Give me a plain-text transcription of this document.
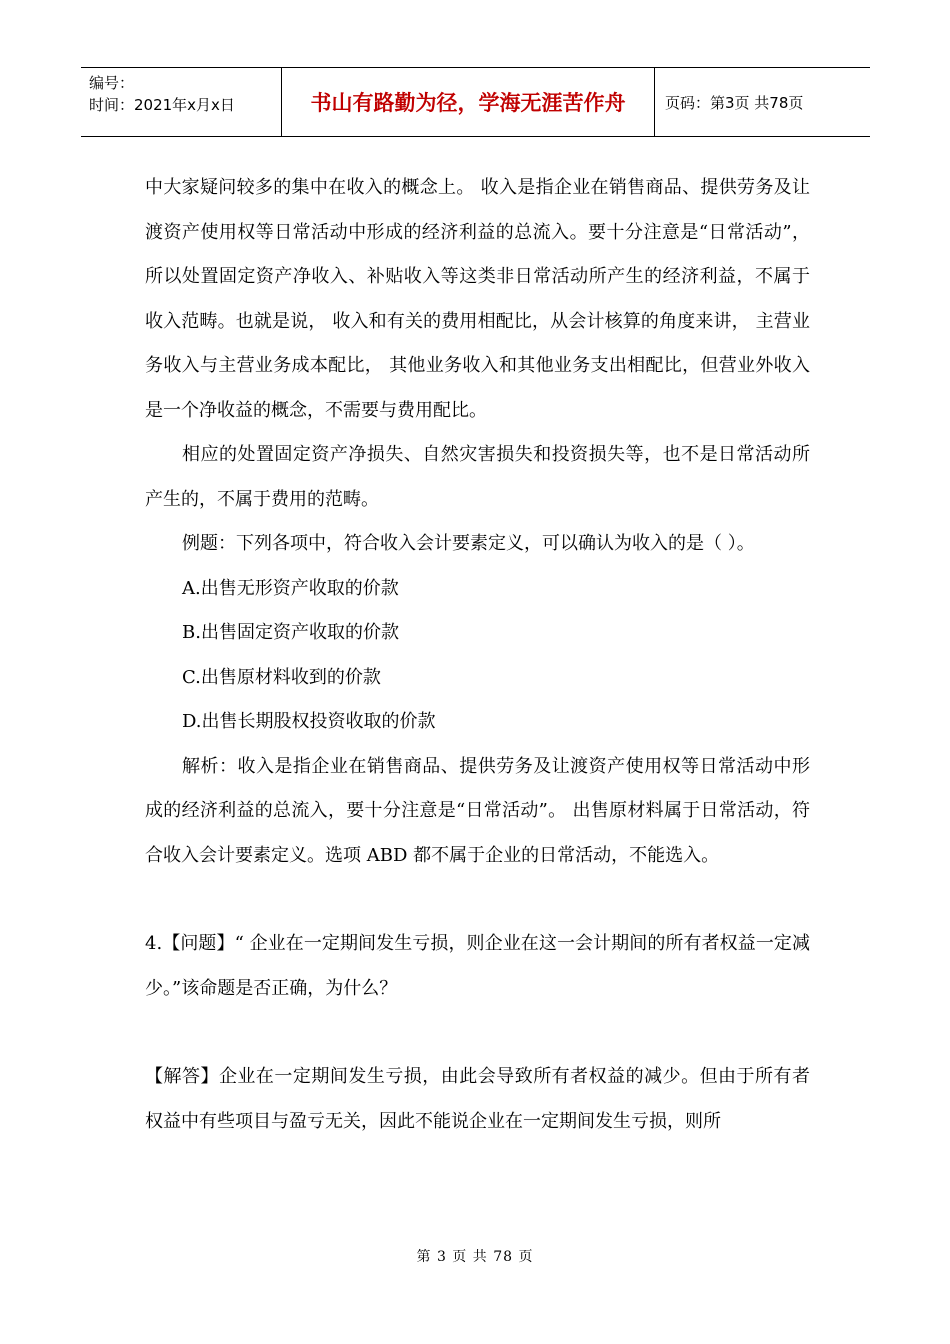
编号：
时间：2021年x月x日	书山有路勤为径，学海无涯苦作舟	页码：第3页 共78页

中大家疑问较多的集中在收入的概念上。 收入是指企业在销售商品、提供劳务及让渡资产使用权等日常活动中形成的经济利益的总流入。要十分注意是“日常活动”，所以处置固定资产净收入、补贴收入等这类非日常活动所产生的经济利益，不属于收入范畴。也就是说， 收入和有关的费用相配比，从会计核算的角度来讲， 主营业务收入与主营业务成本配比， 其他业务收入和其他业务支出相配比，但营业外收入是一个净收益的概念，不需要与费用配比。

相应的处置固定资产净损失、自然灾害损失和投资损失等，也不是日常活动所产生的，不属于费用的范畴。

例题：下列各项中，符合收入会计要素定义，可以确认为收入的是（ ）。

A.出售无形资产收取的价款

B.出售固定资产收取的价款

C.出售原材料收到的价款

D.出售长期股权投资收取的价款

解析：收入是指企业在销售商品、提供劳务及让渡资产使用权等日常活动中形成的经济利益的总流入，要十分注意是“日常活动”。 出售原材料属于日常活动，符合收入会计要素定义。选项 ABD 都不属于企业的日常活动，不能选入。

4.【问题】“ 企业在一定期间发生亏损，则企业在这一会计期间的所有者权益一定减少。”该命题是否正确，为什么？

【解答】企业在一定期间发生亏损，由此会导致所有者权益的减少。但由于所有者权益中有些项目与盈亏无关，因此不能说企业在一定期间发生亏损，则所

第 3 页 共 78 页
